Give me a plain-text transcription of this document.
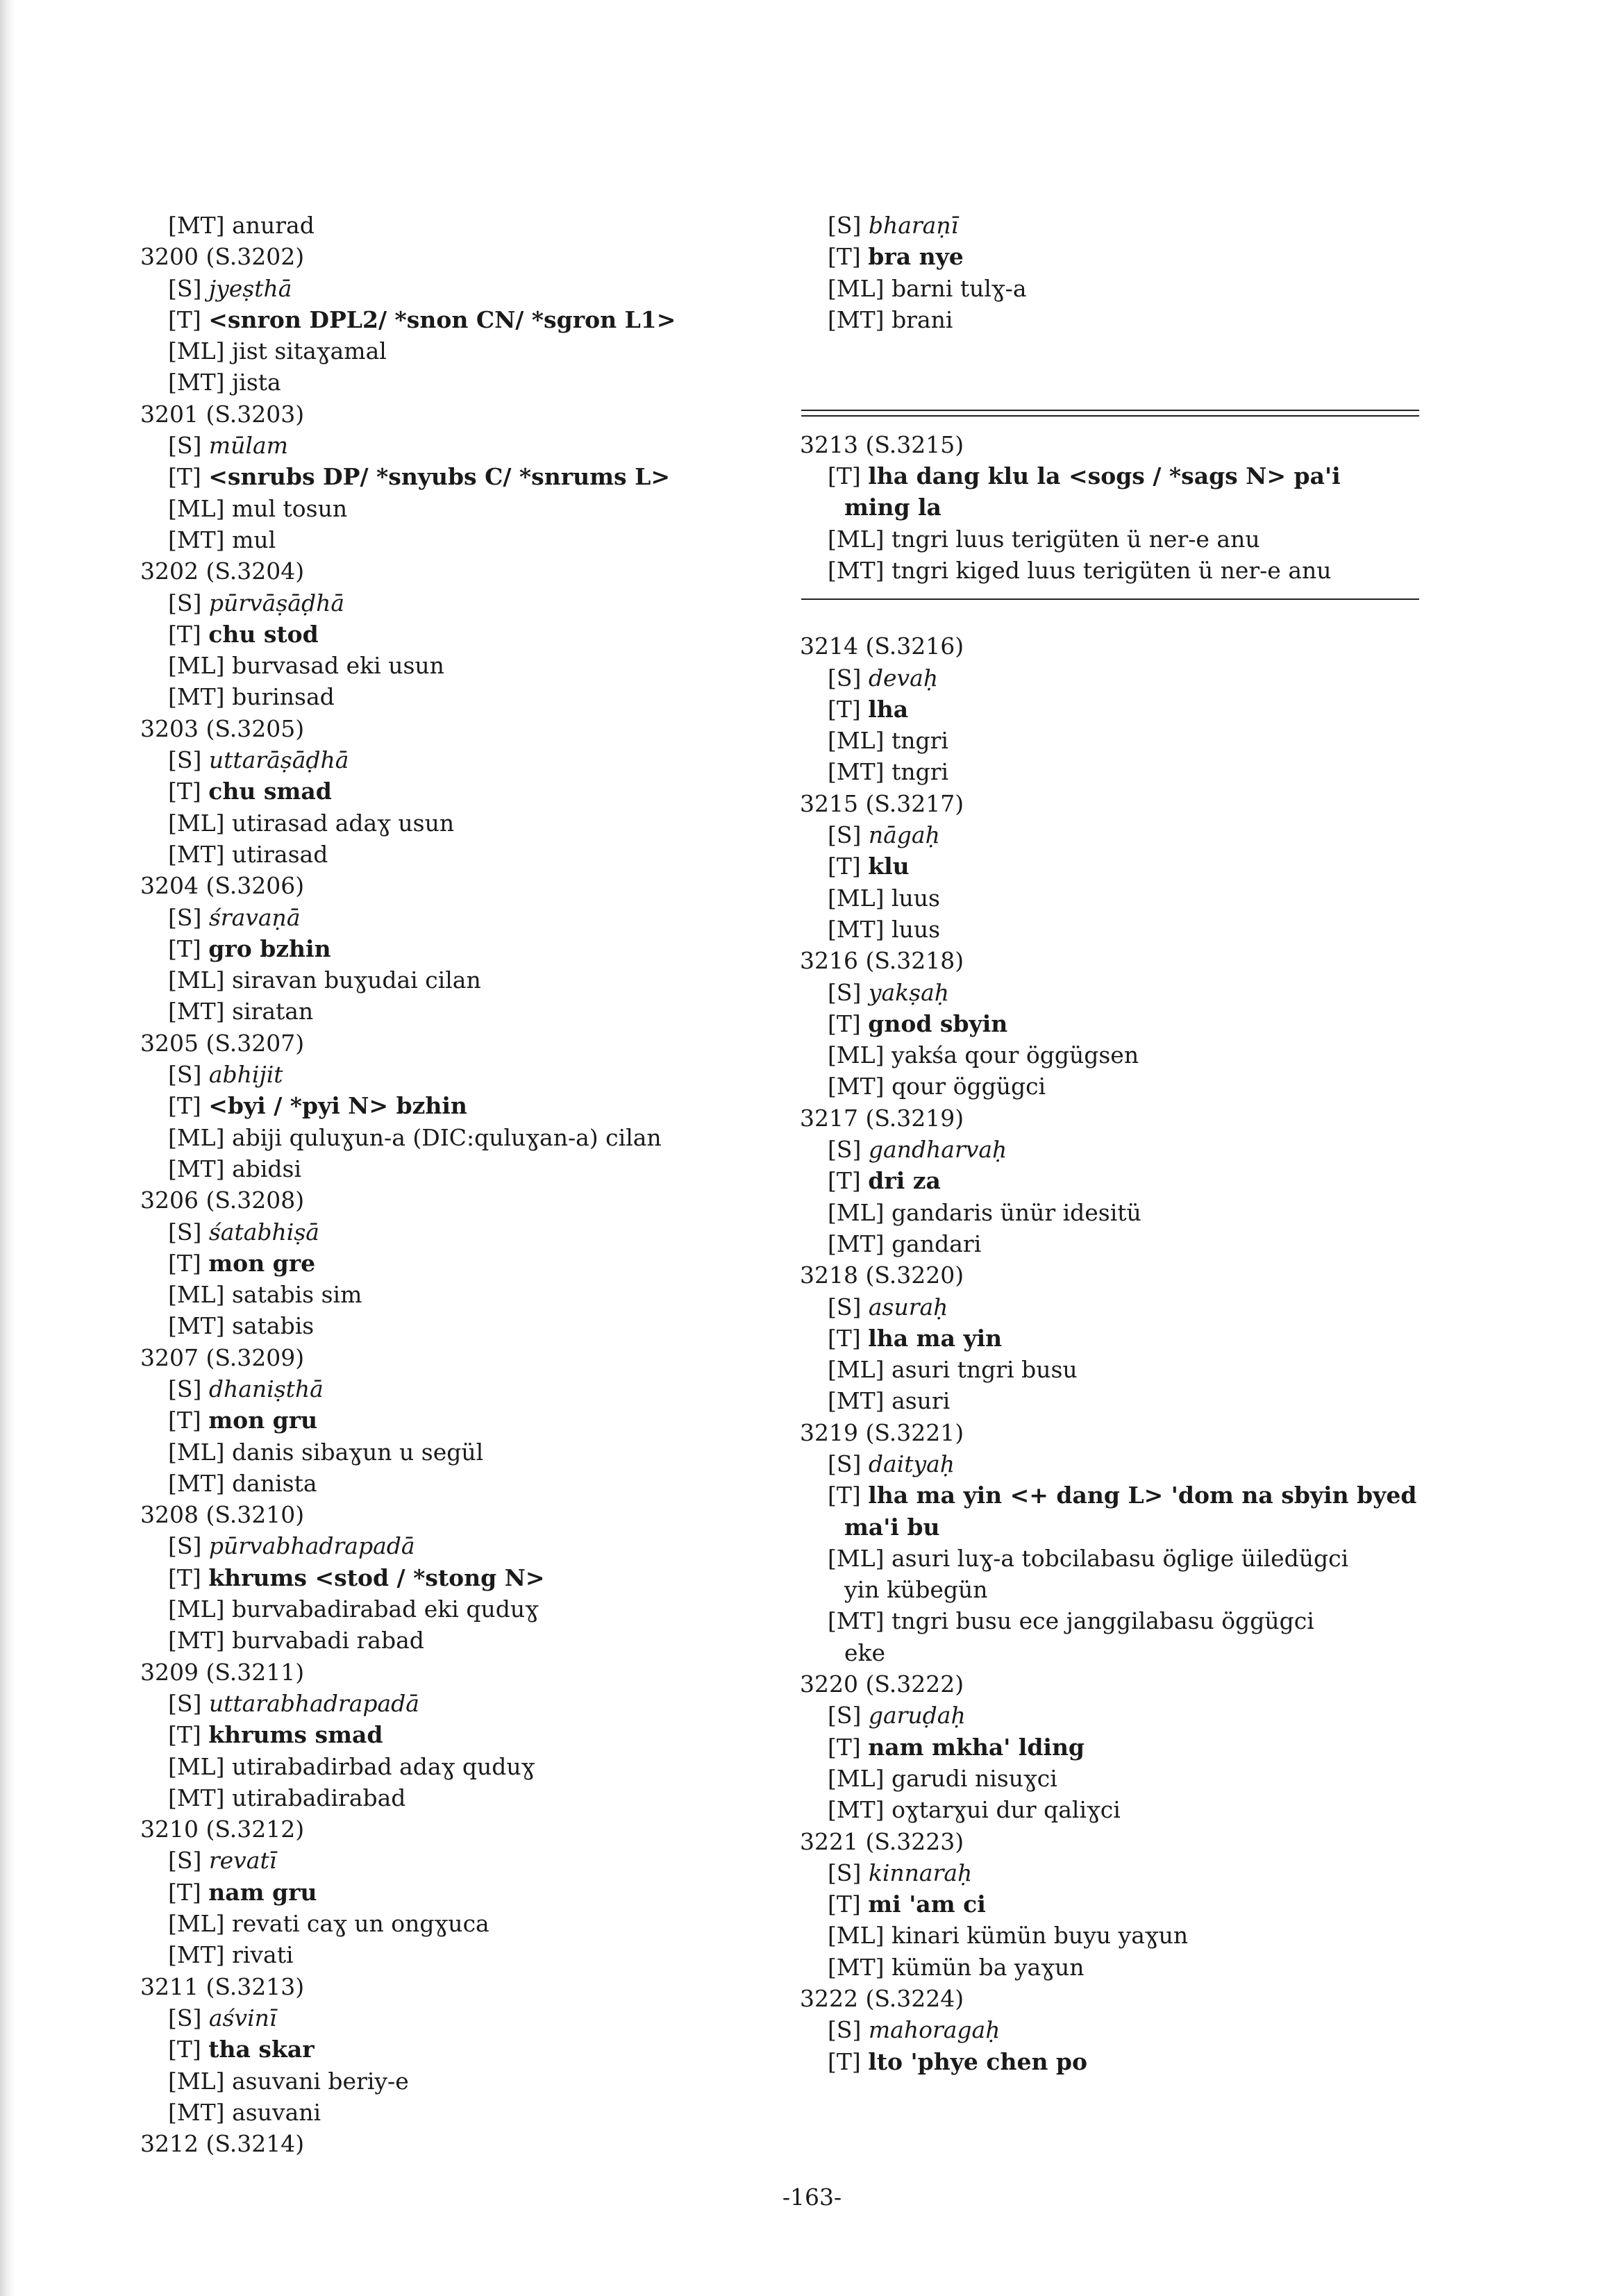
[MT] anurad
3200 (S.3202)
[S] jyeṣthā
[T] <snron DPL2/ *snon CN/ *sgron L1>
[ML] jist sitaɣamal
[MT] jista
3201 (S.3203)
[S] mūlam
[T] <snrubs DP/ *snyubs C/ *snrums L>
[ML] mul tosun
[MT] mul
3202 (S.3204)
[S] pūrvāṣāḍhā
[T] chu stod
[ML] burvasad eki usun
[MT] burinsad
3203 (S.3205)
[S] uttarāṣāḍhā
[T] chu smad
[ML] utirasad adaɣ usun
[MT] utirasad
3204 (S.3206)
[S] śravaṇā
[T] gro bzhin
[ML] siravan buɣudai cilan
[MT] siratan
3205 (S.3207)
[S] abhijit
[T] <byi / *pyi N> bzhin
[ML] abiji quluɣun-a (DIC:quluɣan-a) cilan
[MT] abidsi
3206 (S.3208)
[S] śatabhiṣā
[T] mon gre
[ML] satabis sim
[MT] satabis
3207 (S.3209)
[S] dhaniṣthā
[T] mon gru
[ML] danis sibaɣun u segül
[MT] danista
3208 (S.3210)
[S] pūrvabhadrapadā
[T] khrums <stod / *stong N>
[ML] burvabadirabad eki quduɣ
[MT] burvabadi rabad
3209 (S.3211)
[S] uttarabhadrapadā
[T] khrums smad
[ML] utirabadirbad adaɣ quduɣ
[MT] utirabadirabad
3210 (S.3212)
[S] revatī
[T] nam gru
[ML] revati caɣ un ongɣuca
[MT] rivati
3211 (S.3213)
[S] aśvinī
[T] tha skar
[ML] asuvani beriy-e
[MT] asuvani
3212 (S.3214)
[S] bharaṇī
[T] bra nye
[ML] barni tulɣ-a
[MT] brani
3213 (S.3215)
[T] lha dang klu la <sogs / *sags N> pa'i
ming la
[ML] tngri luus terigüten ü ner-e anu
[MT] tngri kiged luus terigüten ü ner-e anu
3214 (S.3216)
[S] devaḥ
[T] lha
[ML] tngri
[MT] tngri
3215 (S.3217)
[S] nāgaḥ
[T] klu
[ML] luus
[MT] luus
3216 (S.3218)
[S] yakṣaḥ
[T] gnod sbyin
[ML] yakśa qour öggügsen
[MT] qour öggügci
3217 (S.3219)
[S] gandharvaḥ
[T] dri za
[ML] gandaris ünür idesitü
[MT] gandari
3218 (S.3220)
[S] asuraḥ
[T] lha ma yin
[ML] asuri tngri busu
[MT] asuri
3219 (S.3221)
[S] daityaḥ
[T] lha ma yin <+ dang L> 'dom na sbyin byed
ma'i bu
[ML] asuri luɣ-a tobcilabasu öglige üiledügci
yin kübegün
[MT] tngri busu ece janggilabasu öggügci
eke
3220 (S.3222)
[S] garuḍaḥ
[T] nam mkha' lding
[ML] garudi nisuɣci
[MT] oɣtarɣui dur qaliɣci
3221 (S.3223)
[S] kinnaraḥ
[T] mi 'am ci
[ML] kinari kümün buyu yaɣun
[MT] kümün ba yaɣun
3222 (S.3224)
[S] mahoragaḥ
[T] lto 'phye chen po
-163-
